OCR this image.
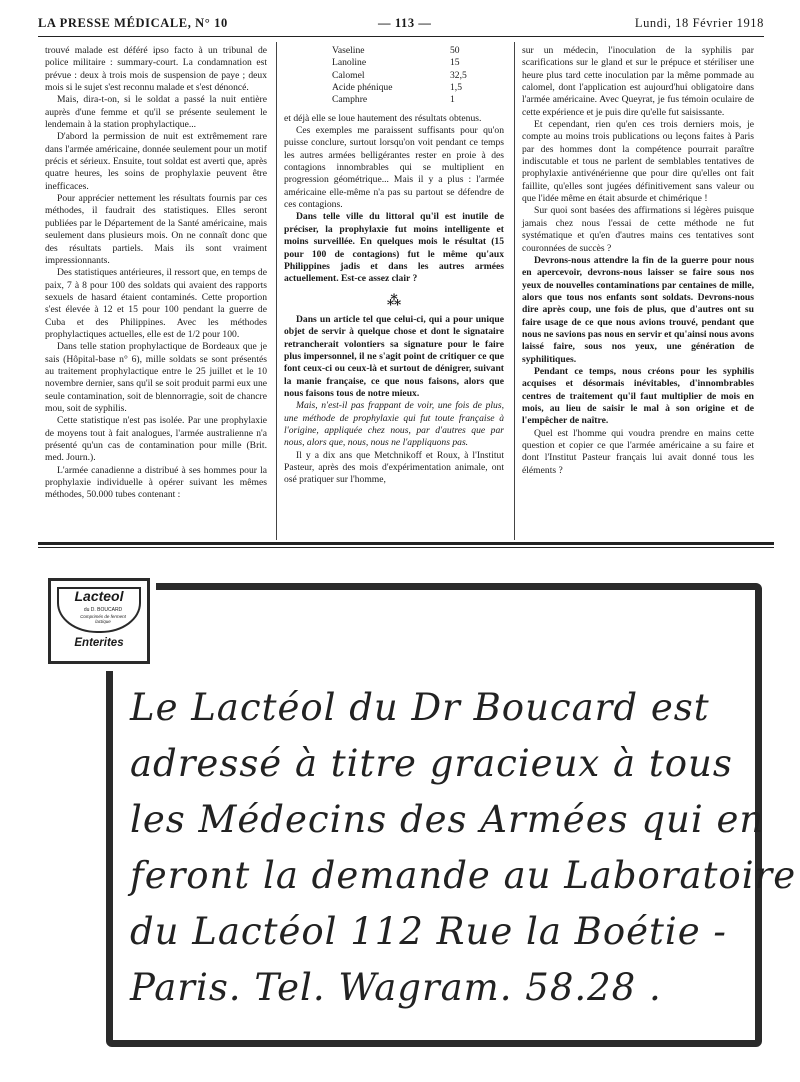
LA PRESSE MÉDICALE, N° 10	— 113 —	Lundi, 18 Février 1918

trouvé malade est déféré ipso facto à un tribunal de police militaire : summary-court. La condamnation est prévue : deux à trois mois de suspension de paye ; deux mois si le sujet s'est reconnu malade et s'est dénoncé.

Mais, dira-t-on, si le soldat a passé la nuit entière auprès d'une femme et qu'il se présente seulement le lendemain à la station prophylactique...

D'abord la permission de nuit est extrêmement rare dans l'armée américaine, donnée seulement pour un motif précis et sérieux. Ensuite, tout soldat est averti que, après quatre heures, les soins de prophylaxie peuvent être inefficaces.

Pour apprécier nettement les résultats fournis par ces méthodes, il faudrait des statistiques. Elles seront publiées par le Département de la Santé américaine, mais seulement dans plusieurs mois. On ne connaît donc que des résultats partiels. Mais ils sont vraiment impressionnants.

Des statistiques antérieures, il ressort que, en temps de paix, 7 à 8 pour 100 des soldats qui avaient des rapports sexuels de hasard étaient contaminés. Cette proportion s'est élevée à 12 et 15 pour 100 pendant la guerre de Cuba et des Philippines. Avec les méthodes prophylactiques actuelles, elle est de 1/2 pour 100.

Dans telle station prophylactique de Bordeaux que je sais (Hôpital-base n° 6), mille soldats se sont présentés au traitement prophylactique entre le 25 juillet et le 10 novembre dernier, sans qu'il se soit produit parmi eux une seule contamination, soit de blennorragie, soit de chancre mou, soit de syphilis.

Cette statistique n'est pas isolée. Par une prophylaxie de moyens tout à fait analogues, l'armée australienne n'a présenté qu'un cas de contamination pour mille (Brit. med. Journ.).

L'armée canadienne a distribué à ses hommes pour la prophylaxie individuelle à opérer suivant les mêmes méthodes, 50.000 tubes contenant :

Vaseline	50
Lanoline	15
Calomel	32,5
Acide phénique	1,5
Camphre	1

et déjà elle se loue hautement des résultats obtenus.

Ces exemples me paraissent suffisants pour qu'on puisse conclure, surtout lorsqu'on voit pendant ce temps les autres armées belligérantes rester en proie à des contagions innombrables qui se multiplient en progression géométrique... Mais il y a plus : l'armée américaine elle-même n'a pas su partout se défendre de ces contagions.

Dans telle ville du littoral qu'il est inutile de préciser, la prophylaxie fut moins intelligente et moins surveillée. En quelques mois le résultat (15 pour 100 de contagions) fut le même qu'aux Philippines jadis et dans les autres armées actuellement. Est-ce assez clair ?

⁂

Dans un article tel que celui-ci, qui a pour unique objet de servir à quelque chose et dont le signataire retrancherait volontiers sa signature pour le faire plus impersonnel, il ne s'agit point de critiquer ce que font ceux-ci ou ceux-là et surtout de dénigrer, suivant la manie française, ce que nous faisons, alors que nous faisons tous de notre mieux.

Mais, n'est-il pas frappant de voir, une fois de plus, une méthode de prophylaxie qui fut toute française à l'origine, appliquée chez nous, par d'autres que par nous, alors que, nous, nous ne l'appliquons pas.

Il y a dix ans que Metchnikoff et Roux, à l'Institut Pasteur, après des mois d'expérimentation animale, ont osé pratiquer sur l'homme,

sur un médecin, l'inoculation de la syphilis par scarifications sur le gland et sur le prépuce et stériliser une heure plus tard cette inoculation par la même pommade au calomel, dont l'application est aujourd'hui obligatoire dans l'armée américaine. Avec Queyrat, je fus témoin oculaire de cette expérience et je puis dire qu'elle fut saisissante.

Et cependant, rien qu'en ces trois derniers mois, je compte au moins trois publications ou leçons faites à Paris par des hommes dont la compétence pourrait paraître indiscutable et tous ne parlent de semblables tentatives de prophylaxie antivénérienne que pour dire qu'elles ont fait faillite, qu'elles sont jugées définitivement sans valeur ou que l'idée même en était absurde et chimérique !

Sur quoi sont basées des affirmations si légères puisque jamais chez nous l'essai de cette méthode ne fut systématique et qu'en d'autres mains ces tentatives sont couronnées de succès ?

Devrons-nous attendre la fin de la guerre pour nous en apercevoir, devrons-nous laisser se faire sous nos yeux de nouvelles contaminations par centaines de mille, alors que tous nos enfants sont soldats. Devrons-nous dire après coup, une fois de plus, que d'autres ont su faire usage de ce que nous avions trouvé, pendant que nous ne savions pas nous en servir et qu'ainsi nous avons laissé faire, sous nos yeux, une génération de syphilitiques.

Pendant ce temps, nous créons pour les syphilis acquises et désormais inévitables, d'innombrables centres de traitement qu'il faut multiplier de mois en mois, au lieu de saisir le mal à son origine et de l'empêcher de naître.

Quel est l'homme qui voudra prendre en mains cette question et copier ce que l'armée américaine a su faire et dont l'Institut Pasteur français lui avait donné tous les éléments ?

Lacteol
du D. BOUCARD
Comprimés de ferment lactique
Enterites
Le Lactéol du Dr Boucard est
adressé à titre gracieux à tous
les Médecins des Armées qui en
feront la demande au Laboratoire
du Lactéol 112 Rue la Boétie -
Paris. Tel. Wagram. 58.28 .
